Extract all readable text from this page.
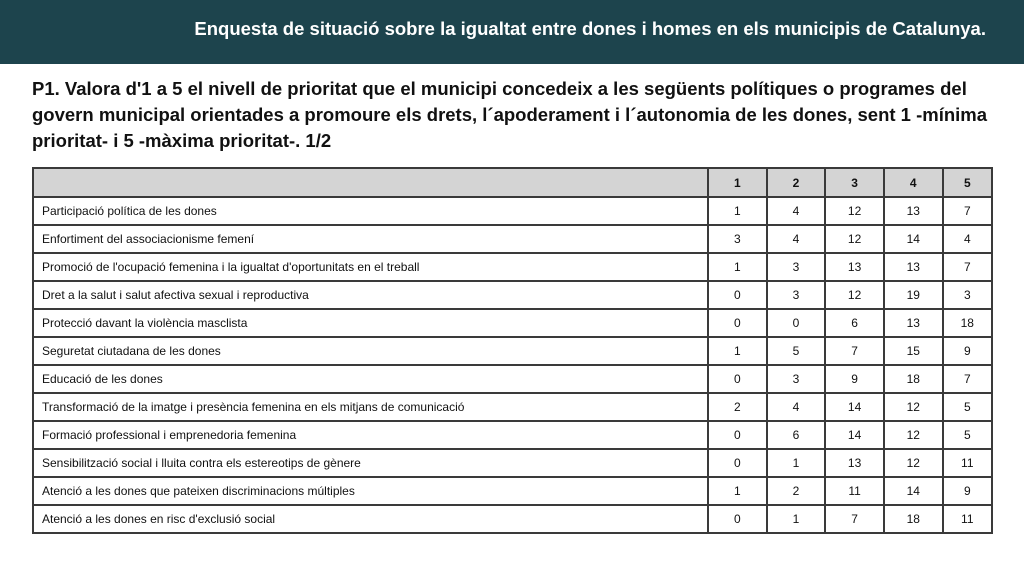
Enquesta de situació sobre la igualtat entre dones i homes en els municipis de Catalunya.
P1. Valora d'1 a 5 el nivell de prioritat que el municipi concedeix a les següents polítiques o programes del govern municipal orientades a promoure els drets, l´apoderament i l´autonomia de les dones, sent 1 -mínima prioritat- i 5 -màxima prioritat-. 1/2
	1	2	3	4	5
Participació política de les dones	1	4	12	13	7
Enfortiment del associacionisme femení	3	4	12	14	4
Promoció de l'ocupació femenina i la igualtat d'oportunitats en el treball	1	3	13	13	7
Dret a la salut i salut afectiva sexual i reproductiva	0	3	12	19	3
Protecció davant la violència masclista	0	0	6	13	18
Seguretat ciutadana de les dones	1	5	7	15	9
Educació de les dones	0	3	9	18	7
Transformació de la imatge i presència femenina en els mitjans de comunicació	2	4	14	12	5
Formació professional i emprenedoria femenina	0	6	14	12	5
Sensibilització social i lluita contra els estereotips de gènere	0	1	13	12	11
Atenció a les dones que pateixen discriminacions múltiples	1	2	11	14	9
Atenció a les dones en risc d'exclusió social	0	1	7	18	11
